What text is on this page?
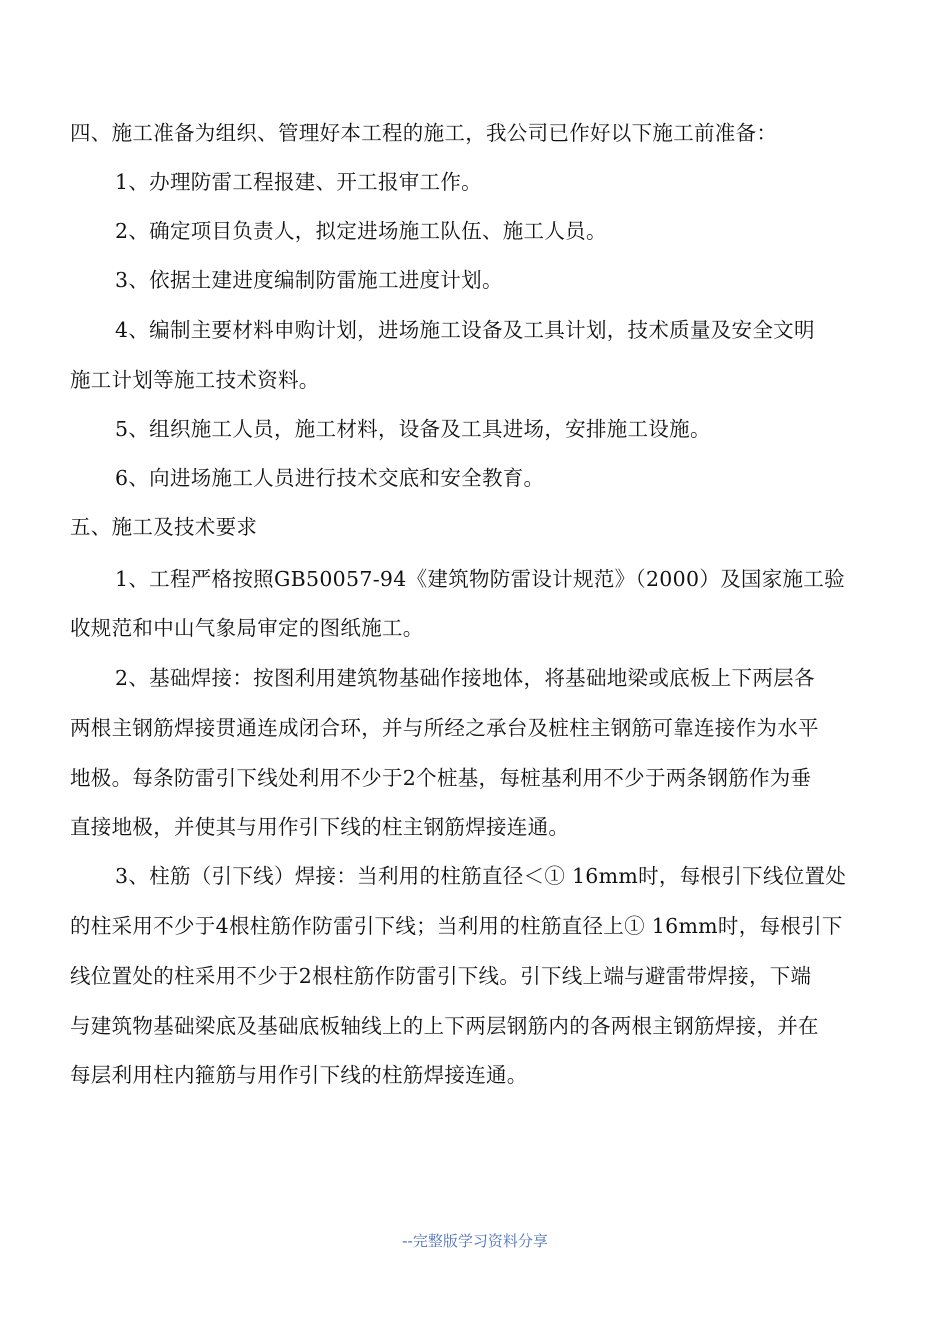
四、施工准备为组织、管理好本工程的施工，我公司已作好以下施工前准备：
1、办理防雷工程报建、开工报审工作。
2、确定项目负责人，拟定进场施工队伍、施工人员。
3、依据土建进度编制防雷施工进度计划。
4、编制主要材料申购计划，进场施工设备及工具计划，技术质量及安全文明
施工计划等施工技术资料。
5、组织施工人员，施工材料，设备及工具进场，安排施工设施。
6、向进场施工人员进行技术交底和安全教育。
五、施工及技术要求
1、工程严格按照GB50057-94《建筑物防雷设计规范》（2000）及国家施工验
收规范和中山气象局审定的图纸施工。
2、基础焊接：按图利用建筑物基础作接地体，将基础地梁或底板上下两层各
两根主钢筋焊接贯通连成闭合环，并与所经之承台及桩柱主钢筋可靠连接作为水平
地极。每条防雷引下线处利用不少于2个桩基，每桩基利用不少于两条钢筋作为垂
直接地极，并使其与用作引下线的柱主钢筋焊接连通。
3、柱筋（引下线）焊接：当利用的柱筋直径＜① 16mm时，每根引下线位置处
的柱采用不少于4根柱筋作防雷引下线；当利用的柱筋直径上① 16mm时，每根引下
线位置处的柱采用不少于2根柱筋作防雷引下线。引下线上端与避雷带焊接，下端
与建筑物基础梁底及基础底板轴线上的上下两层钢筋内的各两根主钢筋焊接，并在
每层利用柱内箍筋与用作引下线的柱筋焊接连通。
--完整版学习资料分享
